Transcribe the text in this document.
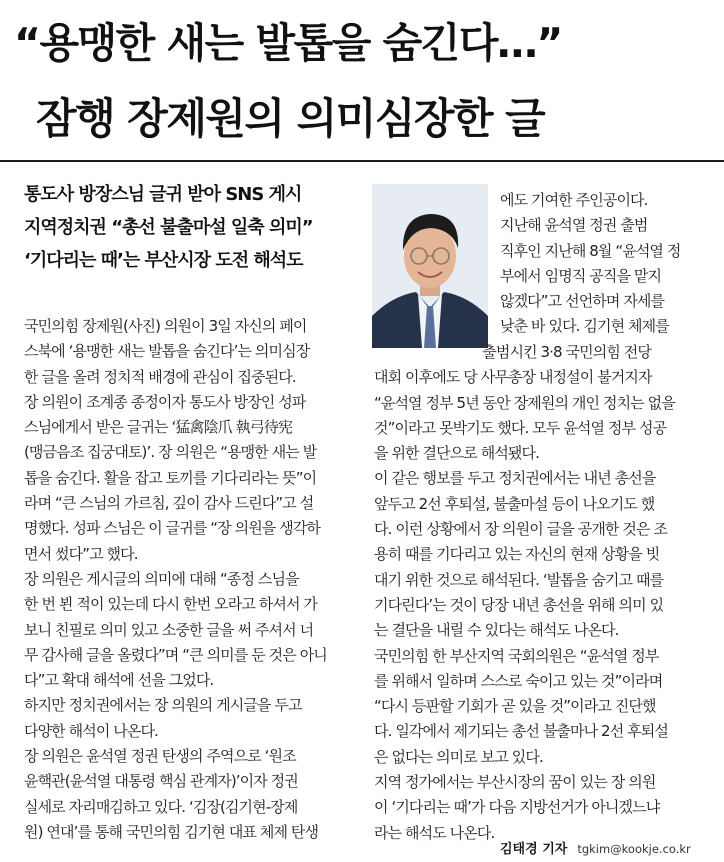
“용맹한 새는 발톱을 숨긴다…”
잠행 장제원의 의미심장한 글
통도사 방장스님 글귀 받아 SNS 게시
지역정치권 “총선 불출마설 일축 의미”
‘기다리는 때’는 부산시장 도전 해석도
국민의힘 장제원(사진) 의원이 3일 자신의 페이
스북에 ‘용맹한 새는 발톱을 숨긴다’는 의미심장
한 글을 올려 정치적 배경에 관심이 집중된다.
장 의원이 조계종 종정이자 통도사 방장인 성파
스님에게서 받은 글귀는 ‘猛禽陰爪 執弓待宪
(맹금음조 집궁대토)’. 장 의원은 “용맹한 새는 발
톱을 숨긴다. 활을 잡고 토끼를 기다리라는 뜻”이
라며 “큰 스님의 가르침, 깊이 감사 드린다”고 설
명했다. 성파 스님은 이 글귀를 “장 의원을 생각하
면서 썼다”고 했다.
장 의원은 게시글의 의미에 대해 “종정 스님을
한 번 뵌 적이 있는데 다시 한번 오라고 하셔서 가
보니 친필로 의미 있고 소중한 글을 써 주셔서 너
무 감사해 글을 올렸다”며 “큰 의미를 둔 것은 아니
다”고 확대 해석에 선을 그었다.
하지만 정치권에서는 장 의원의 게시글을 두고
다양한 해석이 나온다.
장 의원은 윤석열 정권 탄생의 주역으로 ‘원조
윤핵관(윤석열 대통령 핵심 관계자)’이자 정권
실세로 자리매김하고 있다. ‘김장(김기현-장제
원) 연대’를 통해 국민의힘 김기현 대표 체제 탄생
에도 기여한 주인공이다.
지난해 윤석열 정권 출범
직후인 지난해 8월 “윤석열 정
부에서 임명직 공직을 맡지
않겠다”고 선언하며 자세를
낮춘 바 있다. 김기현 체제를
출범시킨 3·8 국민의힘 전당
대회 이후에도 당 사무총장 내정설이 불거지자
“윤석열 정부 5년 동안 장제원의 개인 정치는 없을
것”이라고 못박기도 했다. 모두 윤석열 정부 성공
을 위한 결단으로 해석됐다.
이 같은 행보를 두고 정치권에서는 내년 총선을
앞두고 2선 후퇴설, 불출마설 등이 나오기도 했
다. 이런 상황에서 장 의원이 글을 공개한 것은 조
용히 때를 기다리고 있는 자신의 현재 상황을 빗
대기 위한 것으로 해석된다. ‘발톱을 숨기고 때를
기다린다’는 것이 당장 내년 총선을 위해 의미 있
는 결단을 내릴 수 있다는 해석도 나온다.
국민의힘 한 부산지역 국회의원은 “윤석열 정부
를 위해서 일하며 스스로 숙이고 있는 것”이라며
“다시 등판할 기회가 곧 있을 것”이라고 진단했
다. 일각에서 제기되는 총선 불출마나 2선 후퇴설
은 없다는 의미로 보고 있다.
지역 정가에서는 부산시장의 꿈이 있는 장 의원
이 ‘기다리는 때’가 다음 지방선거가 아니겠느냐
라는 해석도 나온다.
김태경 기자 tgkim@kookje.co.kr
